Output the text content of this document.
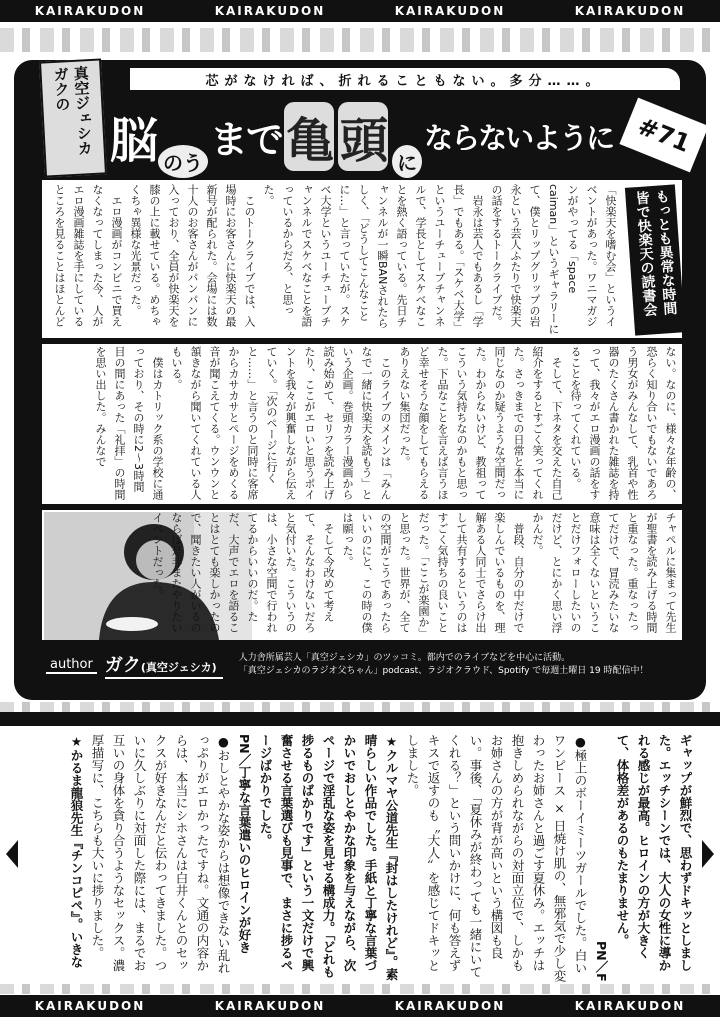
KAIRAKUDON	KAIRAKUDON	KAIRAKUDON	KAIRAKUDON
芯がなければ、折れることもない。多分……。
真空ジェシカ ガクの
脳 のう
まで 亀 頭 に
ならないように #71
もっとも異常な時間 皆で快楽天の読書会

「快楽天を嗜む会」というイベントがあった。ワニマガジンがやってる「space caiman」というギャラリーにて、僕とリップグリップの岩永という芸人ふたりで快楽天の話をするトークライブだ。

　岩永は芸人でもあるし「学長」でもある。「スケベ大学」というユーチューブチャンネルで、学長としてスケベなことを熱く語っている。先日チャンネルが一瞬BANされたらしく、「どうしてこんなことに…」と言っていたが。スケベ大学というユーチューブチャンネルでスケベなことを語っているからだろ、と思った。

　このトークライブでは、入場時にお客さんに快楽天の最新号が配られた。会場には数十人のお客さんがパンパンに入っており、全員が快楽天を膝の上に載せている。めちゃくちゃ異様な光景だった。

　エロ漫画がコンビニで買えなくなってしまった今、人がエロ漫画雑誌を手にしているところを見ることはほとんど

ない。なのに、様々な年齢の、恐らく知り合いでもないであろう男女がみんなして、乳首や性器のたくさん書かれた雑誌を持って、我々がエロ漫画の話をすることを待ってくれている。

　そして、下ネタを交えた自己紹介をするとすごく笑ってくれた。さっきまでの日常と本当に同じなのか疑うような空間だった。わからないけど、教祖ってこういう気持ちなのかもと思った。下品なことを言えば言うほど幸せそうな顔をしてもらえるありえない集団だった。

　このライブのメインは「みんなで一緒に快楽天を読もう」という企画。巻頭カラー漫画から読み始めて、セリフを読み上げたり、ここがエロいと思うポイントを我々が興奮しながら伝えていく。「次のページに行くと……」と言うのと同時に客席からカサカサとページをめくる音が聞こえてくる。ウンウンと頷きながら聞いてくれている人もいる。

　僕はカトリック系の学校に通っており、その時に2～3時間目の間にあった「礼拝」の時間を思い出した。みんなで

チャペルに集まって先生が聖書を読み上げる時間と重なった。重なったってだけで、冒涜みたいな意味は全くないということだけフォローしたいのだけど、とにかく思い浮かんだ。

　普段、自分の中だけで楽しんでいるものを、理解ある人同士でさらけ出して共有するというのはすごく気持ちの良いことだった。「ここが楽園か」と思った。世界が、全ての空間がこうであったらいいのにと、この時の僕は願った。

　そして今改めて考えて、そんなわけないだろと気付いた。こういうのは、小さな空間で行われてるからいいのだ。ただ、大声でエロを語ることはとても楽しかったので、聞きたい人がいるのならば是非またやりたいイベントだった。

author ガク(真空ジェシカ)
人力舎所属芸人「真空ジェシカ」のツッコミ。都内でのライブなどを中心に活動。
「真空ジェシカのラジオ父ちゃん」podcast、ラジオクラウド、Spotify で毎週土曜日 19 時配信中！

ギャップが鮮烈で、思わずドキッとしました。エッチシーンでは、大人の女性に導かれる感じが最高。ヒロインの方が大きくて、体格差があるのもたまりません。

PN／F

●極上のボーイミーツガールでした。白いワンピース × 日焼け肌の、無邪気で少し変わったお姉さんと過ごす夏休み。エッチは抱きしめられながらの対面立位で、しかもお姉さんの方が背が高いという構図も良い。事後、「夏休みが終わっても一緒にいてくれる？」という問いかけに、何も答えずキスで返すのも〝大人〟を感じてドキッとしました。

★クルマヤ公道先生『封はしたけれど』。素晴らしい作品でした。手紙と丁寧な言葉づかいでおしとやかな印象を与えながら、次ページで淫乱な姿を見せる構成力。「どれも捗るものばかりです」という一文だけで興奮させる言葉選びも見事で、まさに捗るページばかりでした。

PN／丁寧な言葉遣いのヒロインが好き

●おしとやかな姿からは想像できない乱れっぷりがエロかったですね。文通の内容からは、本当にシホさんは白井くんとのセックスが好きなんだと伝わってきました。ついに久しぶりに対面した際には、まるでお互いの身体を貪り合うようなセックス。濃厚描写に、こちらも大いに捗りました。

★かるま龍狼先生『チンコピペ』。いきな

KAIRAKUDON	KAIRAKUDON	KAIRAKUDON	KAIRAKUDON
